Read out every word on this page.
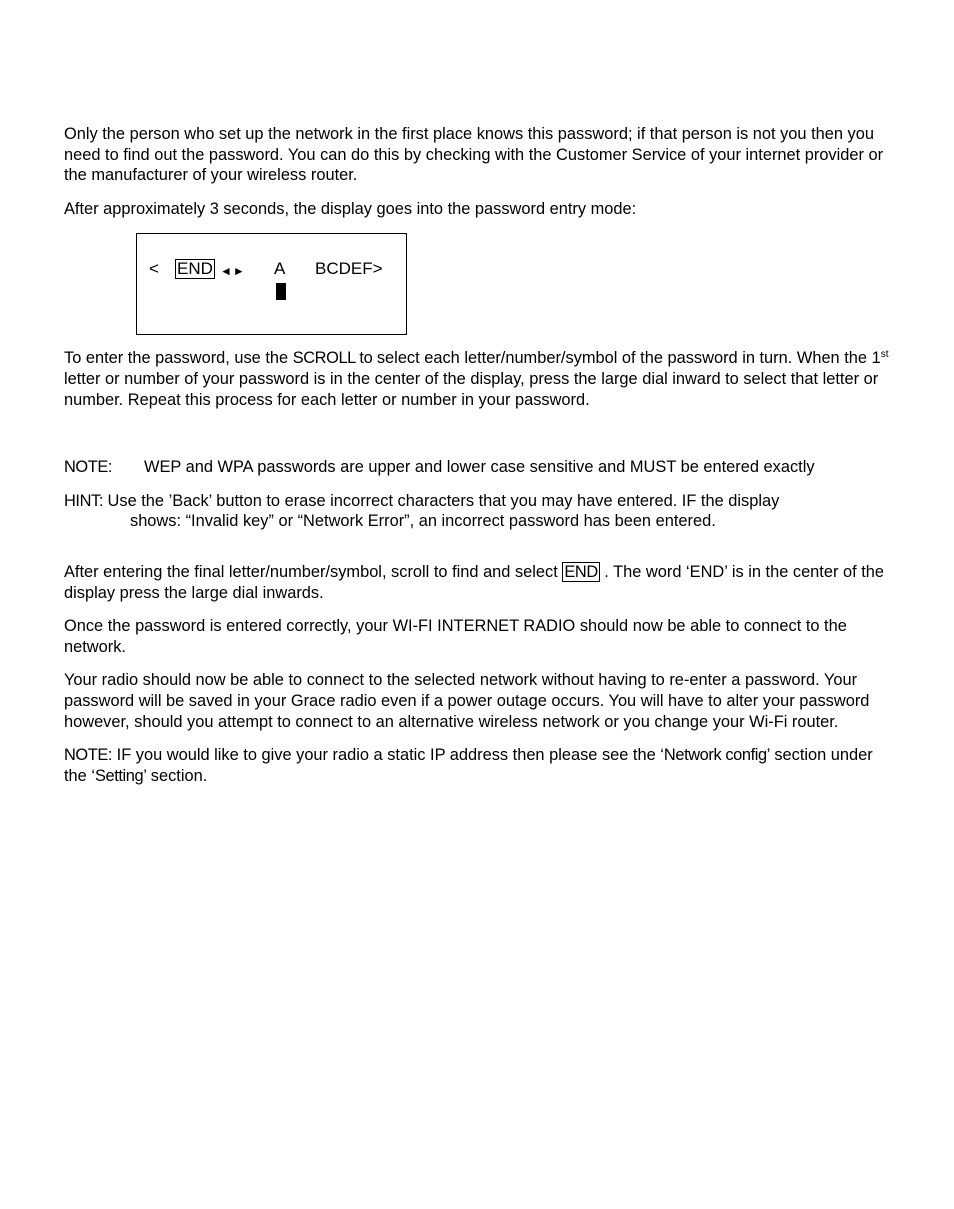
Only the person who set up the network in the first place knows this password; if that person is not you then you need to find out the password. You can do this by checking with the Customer Service of your internet provider or the manufacturer of your wireless router.

After approximately 3 seconds, the display goes into the password entry mode:

< END ◄► A BCDEF>

To enter the password, use the SCROLL to select each letter/number/symbol of the password in turn. When the 1st letter or number of your password is in the center of the display, press the large dial inward to select that letter or number. Repeat this process for each letter or number in your password.

NOTE: WEP and WPA passwords are upper and lower case sensitive and MUST be entered exactly

HINT: Use the ’Back’ button to erase incorrect characters that you may have entered. IF the display
shows: “Invalid key” or “Network Error”, an incorrect password has been entered.

After entering the final letter/number/symbol, scroll to find and select END . The word ‘END’ is in the center of the display press the large dial inwards.

Once the password is entered correctly, your WI-FI INTERNET RADIO should now be able to connect to the network.

Your radio should now be able to connect to the selected network without having to re-enter a password. Your password will be saved in your Grace radio even if a power outage occurs. You will have to alter your password however, should you attempt to connect to an alternative wireless network or you change your Wi-Fi router.

NOTE: IF you would like to give your radio a static IP address then please see the ‘Network config’ section under the ‘Setting’ section.
